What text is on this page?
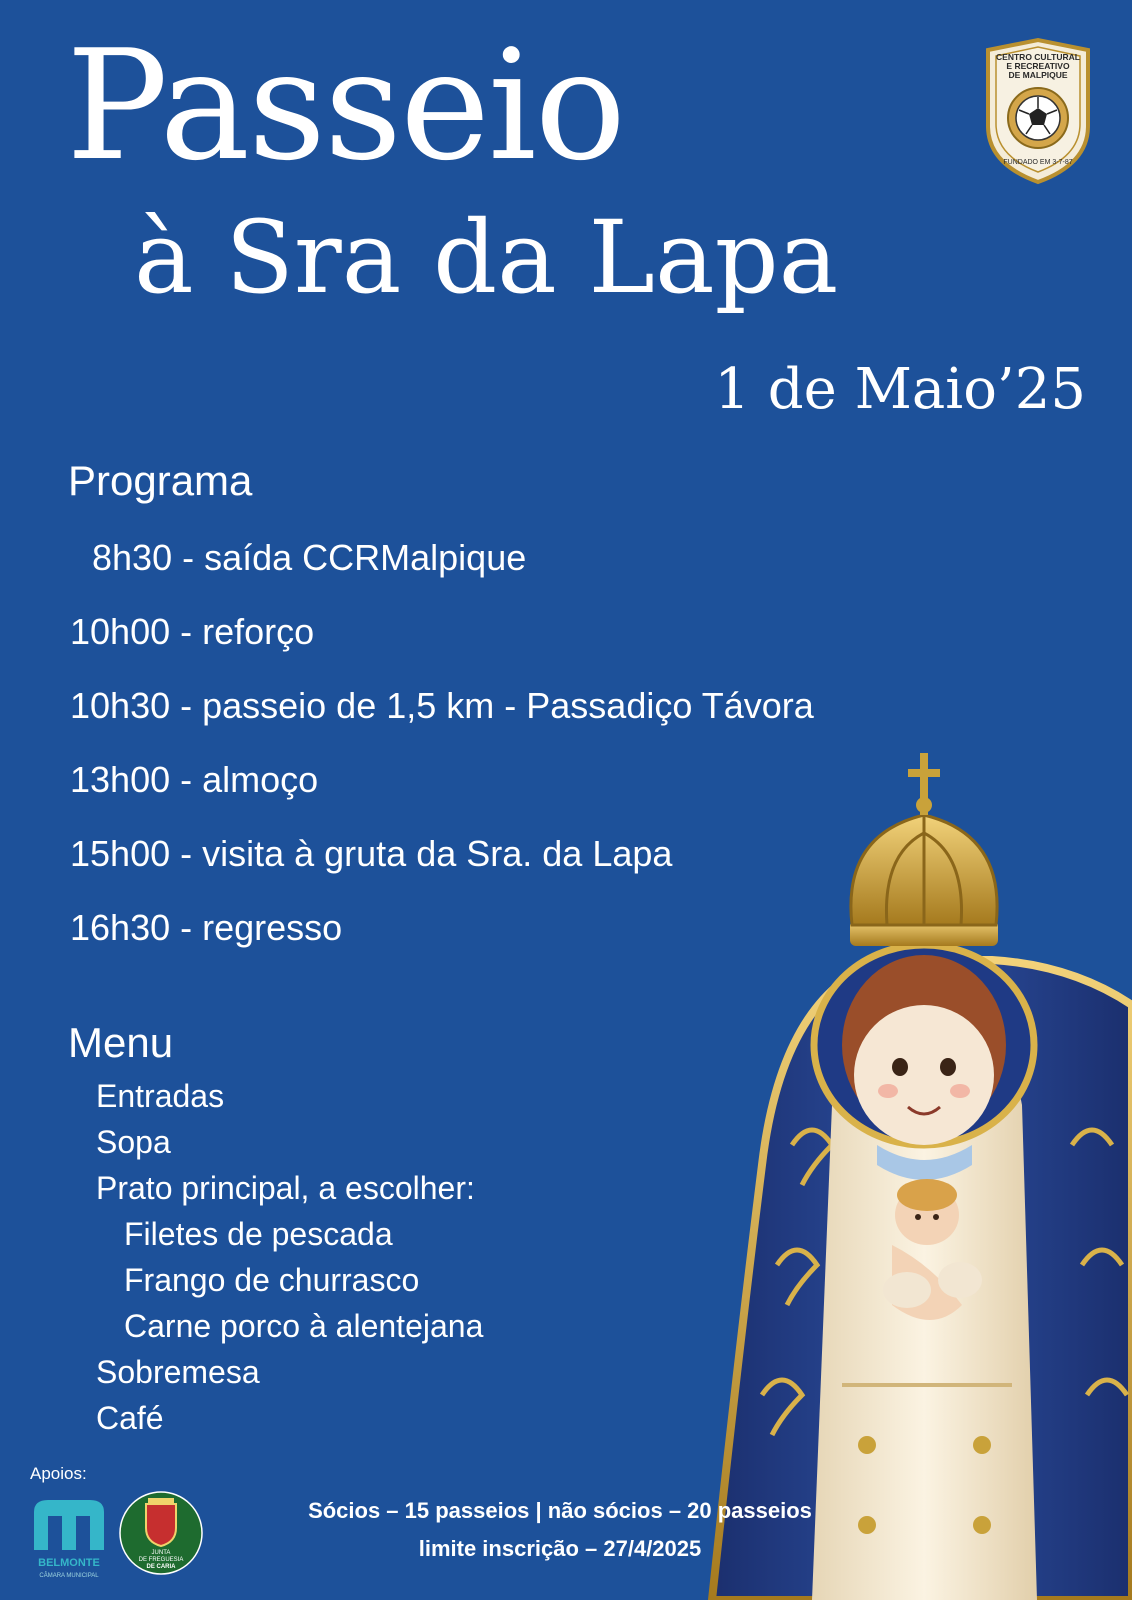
Passeio
à Sra da Lapa
1 de Maio’25
CENTRO CULTURAL
E RECREATIVO
DE MALPIQUE
FUNDADO EM 3-7-87
Programa
8h30 - saída CCRMalpique
10h00 - reforço
10h30 - passeio de 1,5 km - Passadiço Távora
13h00 - almoço
15h00 - visita à gruta da Sra. da Lapa
16h30 - regresso
Menu
Entradas
Sopa
Prato principal, a escolher:
Filetes de pescada
Frango de churrasco
Carne porco à alentejana
Sobremesa
Café
Apoios:
BELMONTE
CÂMARA MUNICIPAL
JUNTA
DE FREGUESIA
DE CARIA
Sócios – 15 passeios | não sócios – 20 passeios
limite inscrição – 27/4/2025
